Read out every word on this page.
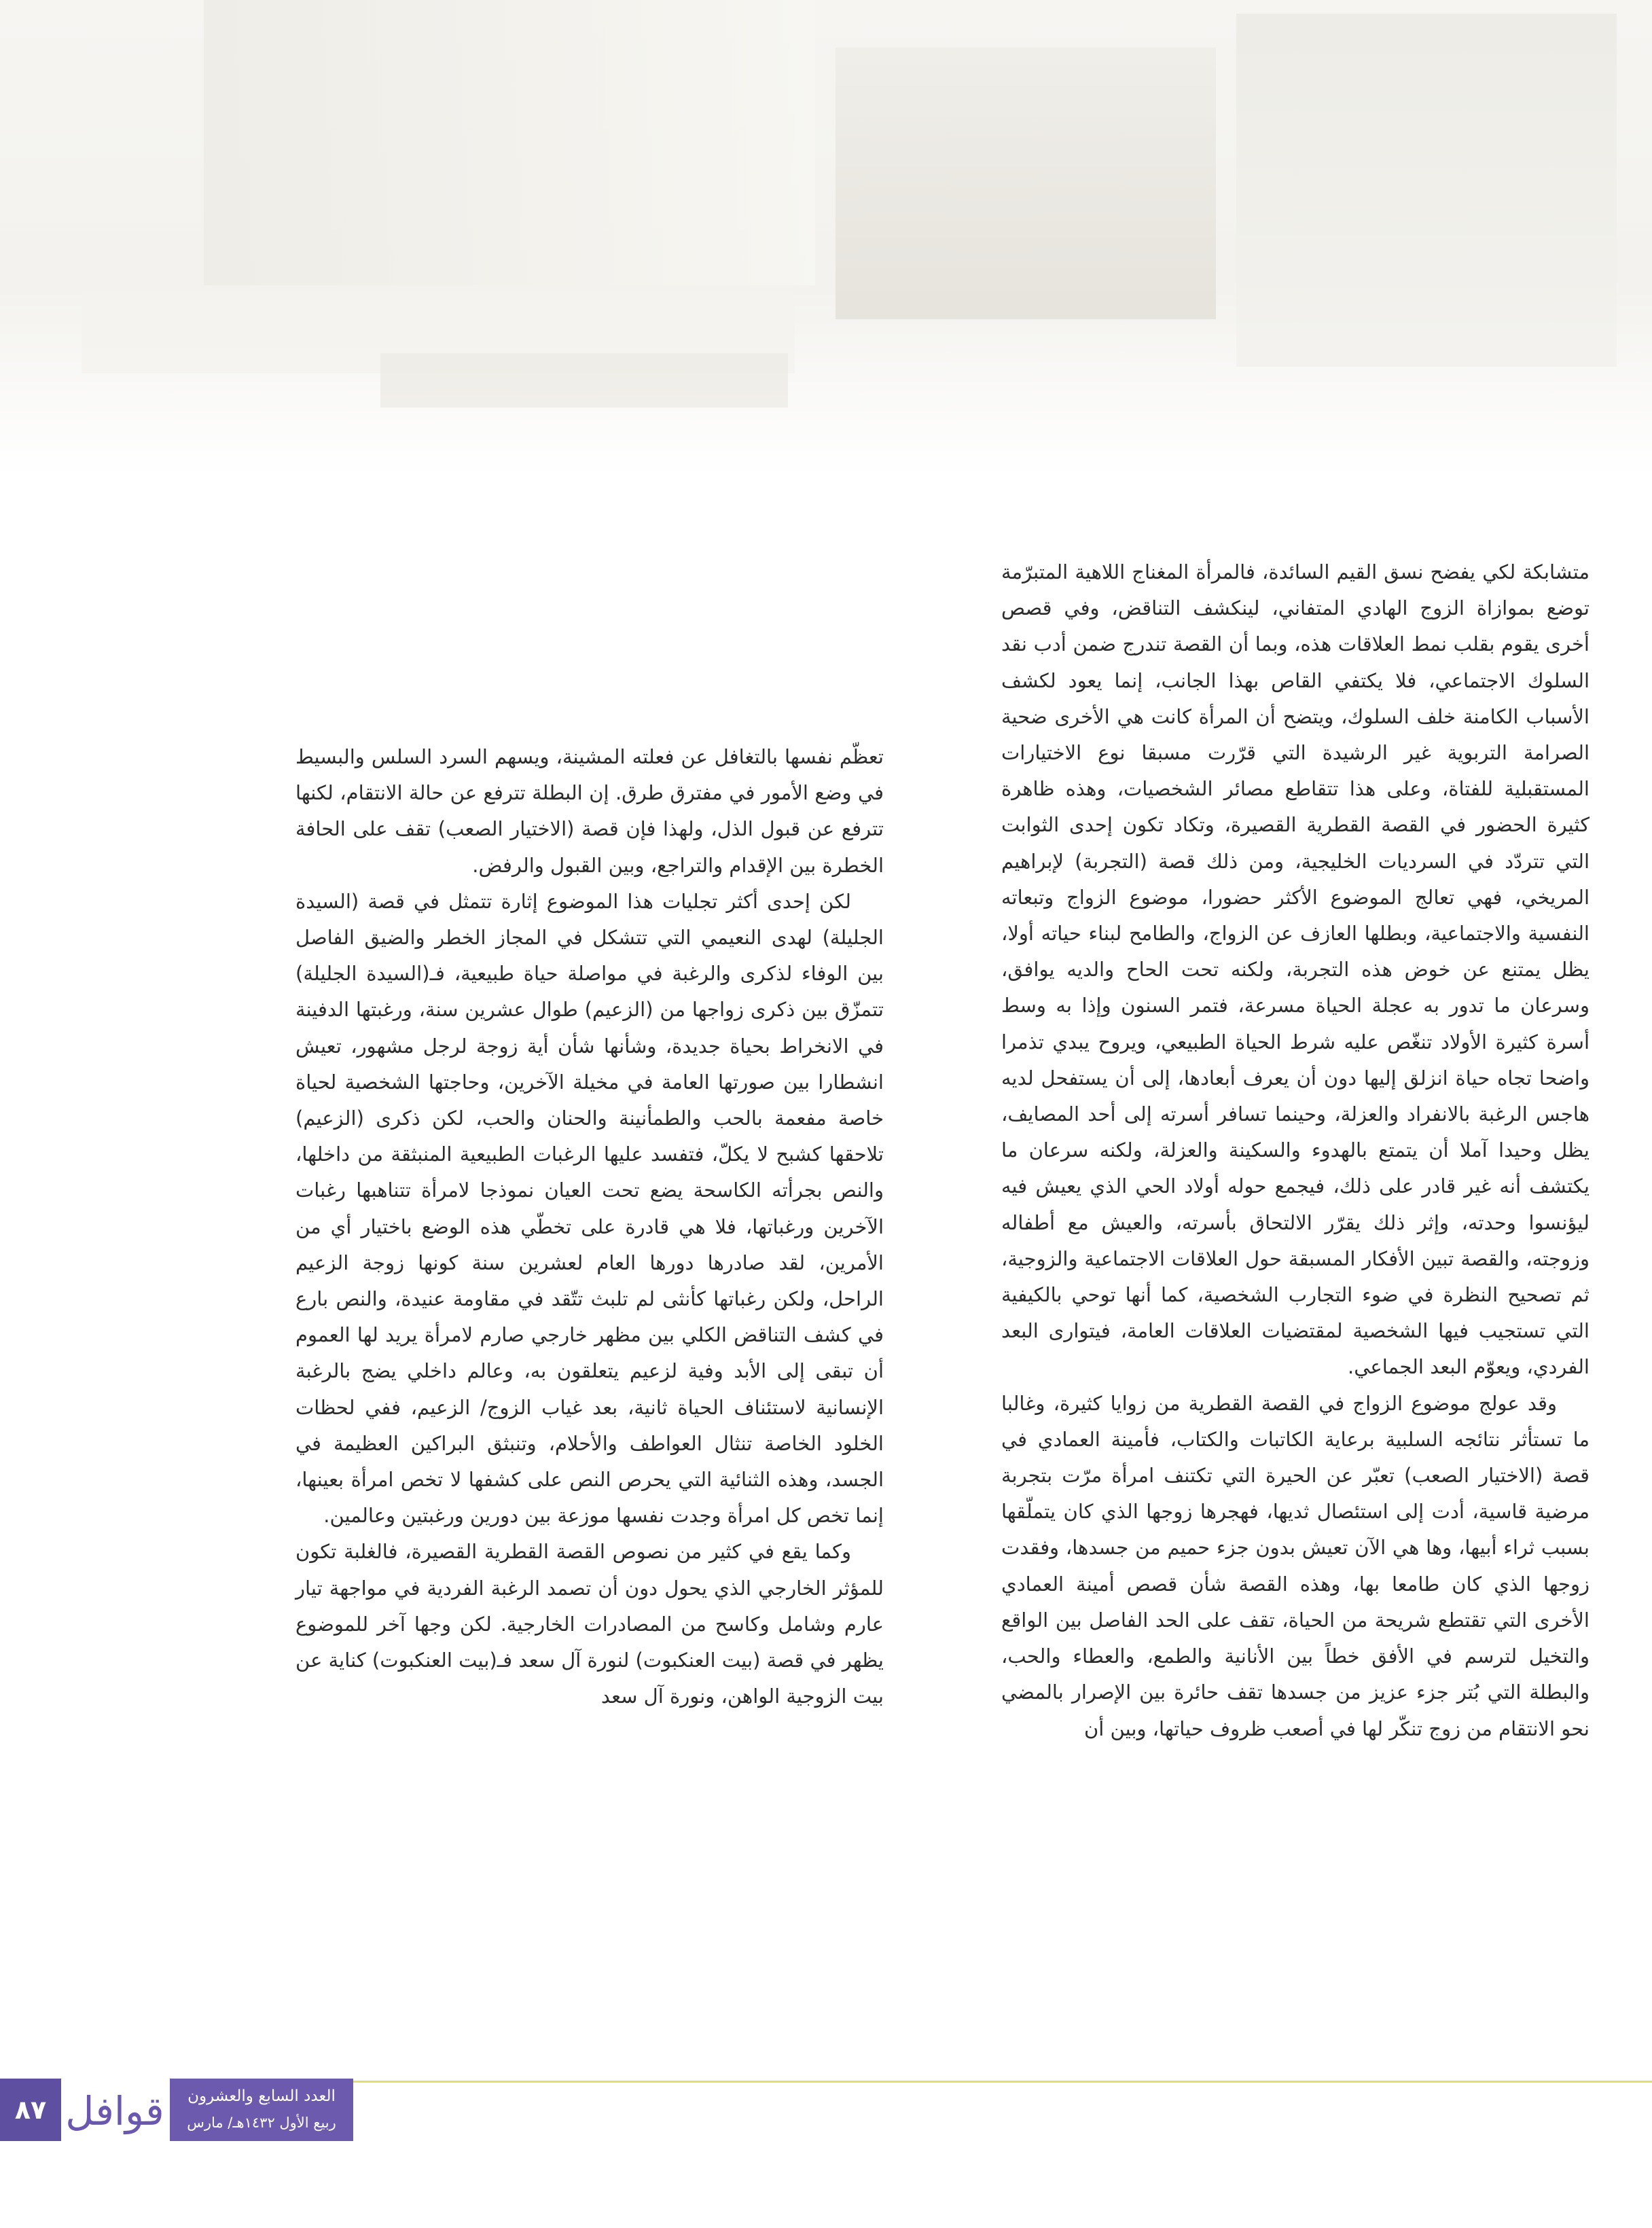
متشابكة لكي يفضح نسق القيم السائدة، فالمرأة المغناج اللاهية المتبرّمة توضع بموازاة الزوج الهادي المتفاني، لينكشف التناقض، وفي قصص أخرى يقوم بقلب نمط العلاقات هذه، وبما أن القصة تندرج ضمن أدب نقد السلوك الاجتماعي، فلا يكتفي القاص بهذا الجانب، إنما يعود لكشف الأسباب الكامنة خلف السلوك، ويتضح أن المرأة كانت هي الأخرى ضحية الصرامة التربوية غير الرشيدة التي قرّرت مسبقا نوع الاختيارات المستقبلية للفتاة، وعلى هذا تتقاطع مصائر الشخصيات، وهذه ظاهرة كثيرة الحضور في القصة القطرية القصيرة، وتكاد تكون إحدى الثوابت التي تتردّد في السرديات الخليجية، ومن ذلك قصة (التجربة) لإبراهيم المريخي، فهي تعالج الموضوع الأكثر حضورا، موضوع الزواج وتبعاته النفسية والاجتماعية، وبطلها العازف عن الزواج، والطامح لبناء حياته أولا، يظل يمتنع عن خوض هذه التجربة، ولكنه تحت الحاح والديه يوافق، وسرعان ما تدور به عجلة الحياة مسرعة، فتمر السنون وإذا به وسط أسرة كثيرة الأولاد تنغّص عليه شرط الحياة الطبيعي، ويروح يبدي تذمرا واضحا تجاه حياة انزلق إليها دون أن يعرف أبعادها، إلى أن يستفحل لديه هاجس الرغبة بالانفراد والعزلة، وحينما تسافر أسرته إلى أحد المصايف، يظل وحيدا آملا أن يتمتع بالهدوء والسكينة والعزلة، ولكنه سرعان ما يكتشف أنه غير قادر على ذلك، فيجمع حوله أولاد الحي الذي يعيش فيه ليؤنسوا وحدته، وإثر ذلك يقرّر الالتحاق بأسرته، والعيش مع أطفاله وزوجته، والقصة تبين الأفكار المسبقة حول العلاقات الاجتماعية والزوجية، ثم تصحيح النظرة في ضوء التجارب الشخصية، كما أنها توحي بالكيفية التي تستجيب فيها الشخصية لمقتضيات العلاقات العامة، فيتوارى البعد الفردي، ويعوّم البعد الجماعي.

وقد عولج موضوع الزواج في القصة القطرية من زوايا كثيرة، وغالبا ما تستأثر نتائجه السلبية برعاية الكاتبات والكتاب، فأمينة العمادي في قصة (الاختيار الصعب) تعبّر عن الحيرة التي تكتنف امرأة مرّت بتجربة مرضية قاسية، أدت إلى استئصال ثديها، فهجرها زوجها الذي كان يتملّقها بسبب ثراء أبيها، وها هي الآن تعيش بدون جزء حميم من جسدها، وفقدت زوجها الذي كان طامعا بها، وهذه القصة شأن قصص أمينة العمادي الأخرى التي تقتطع شريحة من الحياة، تقف على الحد الفاصل بين الواقع والتخيل لترسم في الأفق خطاً بين الأنانية والطمع، والعطاء والحب، والبطلة التي بُتر جزء عزيز من جسدها تقف حائرة بين الإصرار بالمضي نحو الانتقام من زوج تنكّر لها في أصعب ظروف حياتها، وبين أن

تعظّم نفسها بالتغافل عن فعلته المشينة، ويسهم السرد السلس والبسيط في وضع الأمور في مفترق طرق. إن البطلة تترفع عن حالة الانتقام، لكنها تترفع عن قبول الذل، ولهذا فإن قصة (الاختيار الصعب) تقف على الحافة الخطرة بين الإقدام والتراجع، وبين القبول والرفض.

لكن إحدى أكثر تجليات هذا الموضوع إثارة تتمثل في قصة (السيدة الجليلة) لهدى النعيمي التي تتشكل في المجاز الخطر والضيق الفاصل بين الوفاء لذكرى والرغبة في مواصلة حياة طبيعية، فـ(السيدة الجليلة) تتمزّق بين ذكرى زواجها من (الزعيم) طوال عشرين سنة، ورغبتها الدفينة في الانخراط بحياة جديدة، وشأنها شأن أية زوجة لرجل مشهور، تعيش انشطارا بين صورتها العامة في مخيلة الآخرين، وحاجتها الشخصية لحياة خاصة مفعمة بالحب والطمأنينة والحنان والحب، لكن ذكرى (الزعيم) تلاحقها كشبح لا يكلّ، فتفسد عليها الرغبات الطبيعية المنبثقة من داخلها، والنص بجرأته الكاسحة يضع تحت العيان نموذجا لامرأة تتناهبها رغبات الآخرين ورغباتها، فلا هي قادرة على تخطّي هذه الوضع باختيار أي من الأمرين، لقد صادرها دورها العام لعشرين سنة كونها زوجة الزعيم الراحل، ولكن رغباتها كأنثى لم تلبث تتّقد في مقاومة عنيدة، والنص بارع في كشف التناقض الكلي بين مظهر خارجي صارم لامرأة يريد لها العموم أن تبقى إلى الأبد وفية لزعيم يتعلقون به، وعالم داخلي يضج بالرغبة الإنسانية لاستئناف الحياة ثانية، بعد غياب الزوج/ الزعيم، ففي لحظات الخلود الخاصة تنثال العواطف والأحلام، وتنبثق البراكين العظيمة في الجسد، وهذه الثنائية التي يحرص النص على كشفها لا تخص امرأة بعينها، إنما تخص كل امرأة وجدت نفسها موزعة بين دورين ورغبتين وعالمين.

وكما يقع في كثير من نصوص القصة القطرية القصيرة، فالغلبة تكون للمؤثر الخارجي الذي يحول دون أن تصمد الرغبة الفردية في مواجهة تيار عارم وشامل وكاسح من المصادرات الخارجية. لكن وجها آخر للموضوع يظهر في قصة (بيت العنكبوت) لنورة آل سعد فـ(بيت العنكبوت) كناية عن بيت الزوجية الواهن، ونورة آل سعد

٨٧ قوافل	العدد السابع والعشرون
ربيع الأول ١٤٣٢هـ/ مارس ٢٠١١م
